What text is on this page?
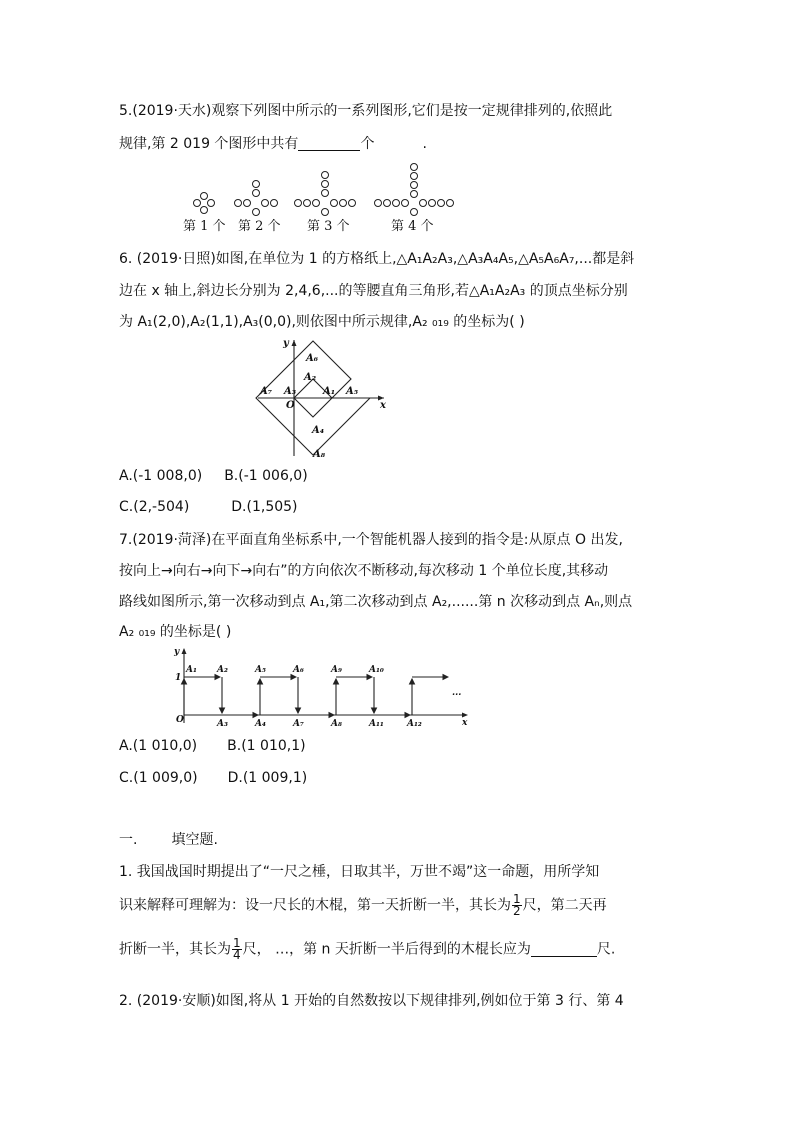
5.(2019·天水)观察下列图中所示的一系列图形,它们是按一定规律排列的,依照此
规律,第 2 019 个图形中共有	个	.
第 1 个 第 2 个 第 3 个	第 4 个
6. (2019·日照)如图,在单位为 1 的方格纸上,△A₁A₂A₃,△A₃A₄A₅,△A₅A₆A₇,...都是斜
边在 x 轴上,斜边长分别为 2,4,6,...的等腰直角三角形,若△A₁A₂A₃ 的顶点坐标分别
为 A₁(2,0),A₂(1,1),A₃(0,0),则依图中所示规律,A₂ ₀₁₉ 的坐标为( )
y
x
O
A₁
A₂
A₃
A₄
A₅
A₆
A₇
A₈
A.(-1 008,0) B.(-1 006,0)
C.(2,-504)	D.(1,505)
7.(2019·菏泽)在平面直角坐标系中,一个智能机器人接到的指令是:从原点 O 出发,
按向上→向右→向下→向右”的方向依次不断移动,每次移动 1 个单位长度,其移动
路线如图所示,第一次移动到点 A₁,第二次移动到点 A₂,......第 n 次移动到点 Aₙ,则点
A₂ ₀₁₉ 的坐标是( )
y
x
O
1
...
A₁ A₂
A₃	A₄
A₅	A₆
A₇	A₈
A₉	A₁₀
A₁₁	A₁₂
A.(1 010,0) B.(1 010,1)
C.(1 009,0) D.(1 009,1)
一. 填空题.
1. 我国战国时期提出了“一尺之棰，日取其半，万世不竭”这一命题，用所学知
识来解释可理解为：设一尺长的木棍，第一天折断一半，其长为 $\frac{1}{2}$ 尺，第二天再
折断一半，其长为 $\frac{1}{4}$ 尺， …，第 n 天折断一半后得到的木棍长应为	尺.
2. (2019·安顺)如图,将从 1 开始的自然数按以下规律排列,例如位于第 3 行、第 4
